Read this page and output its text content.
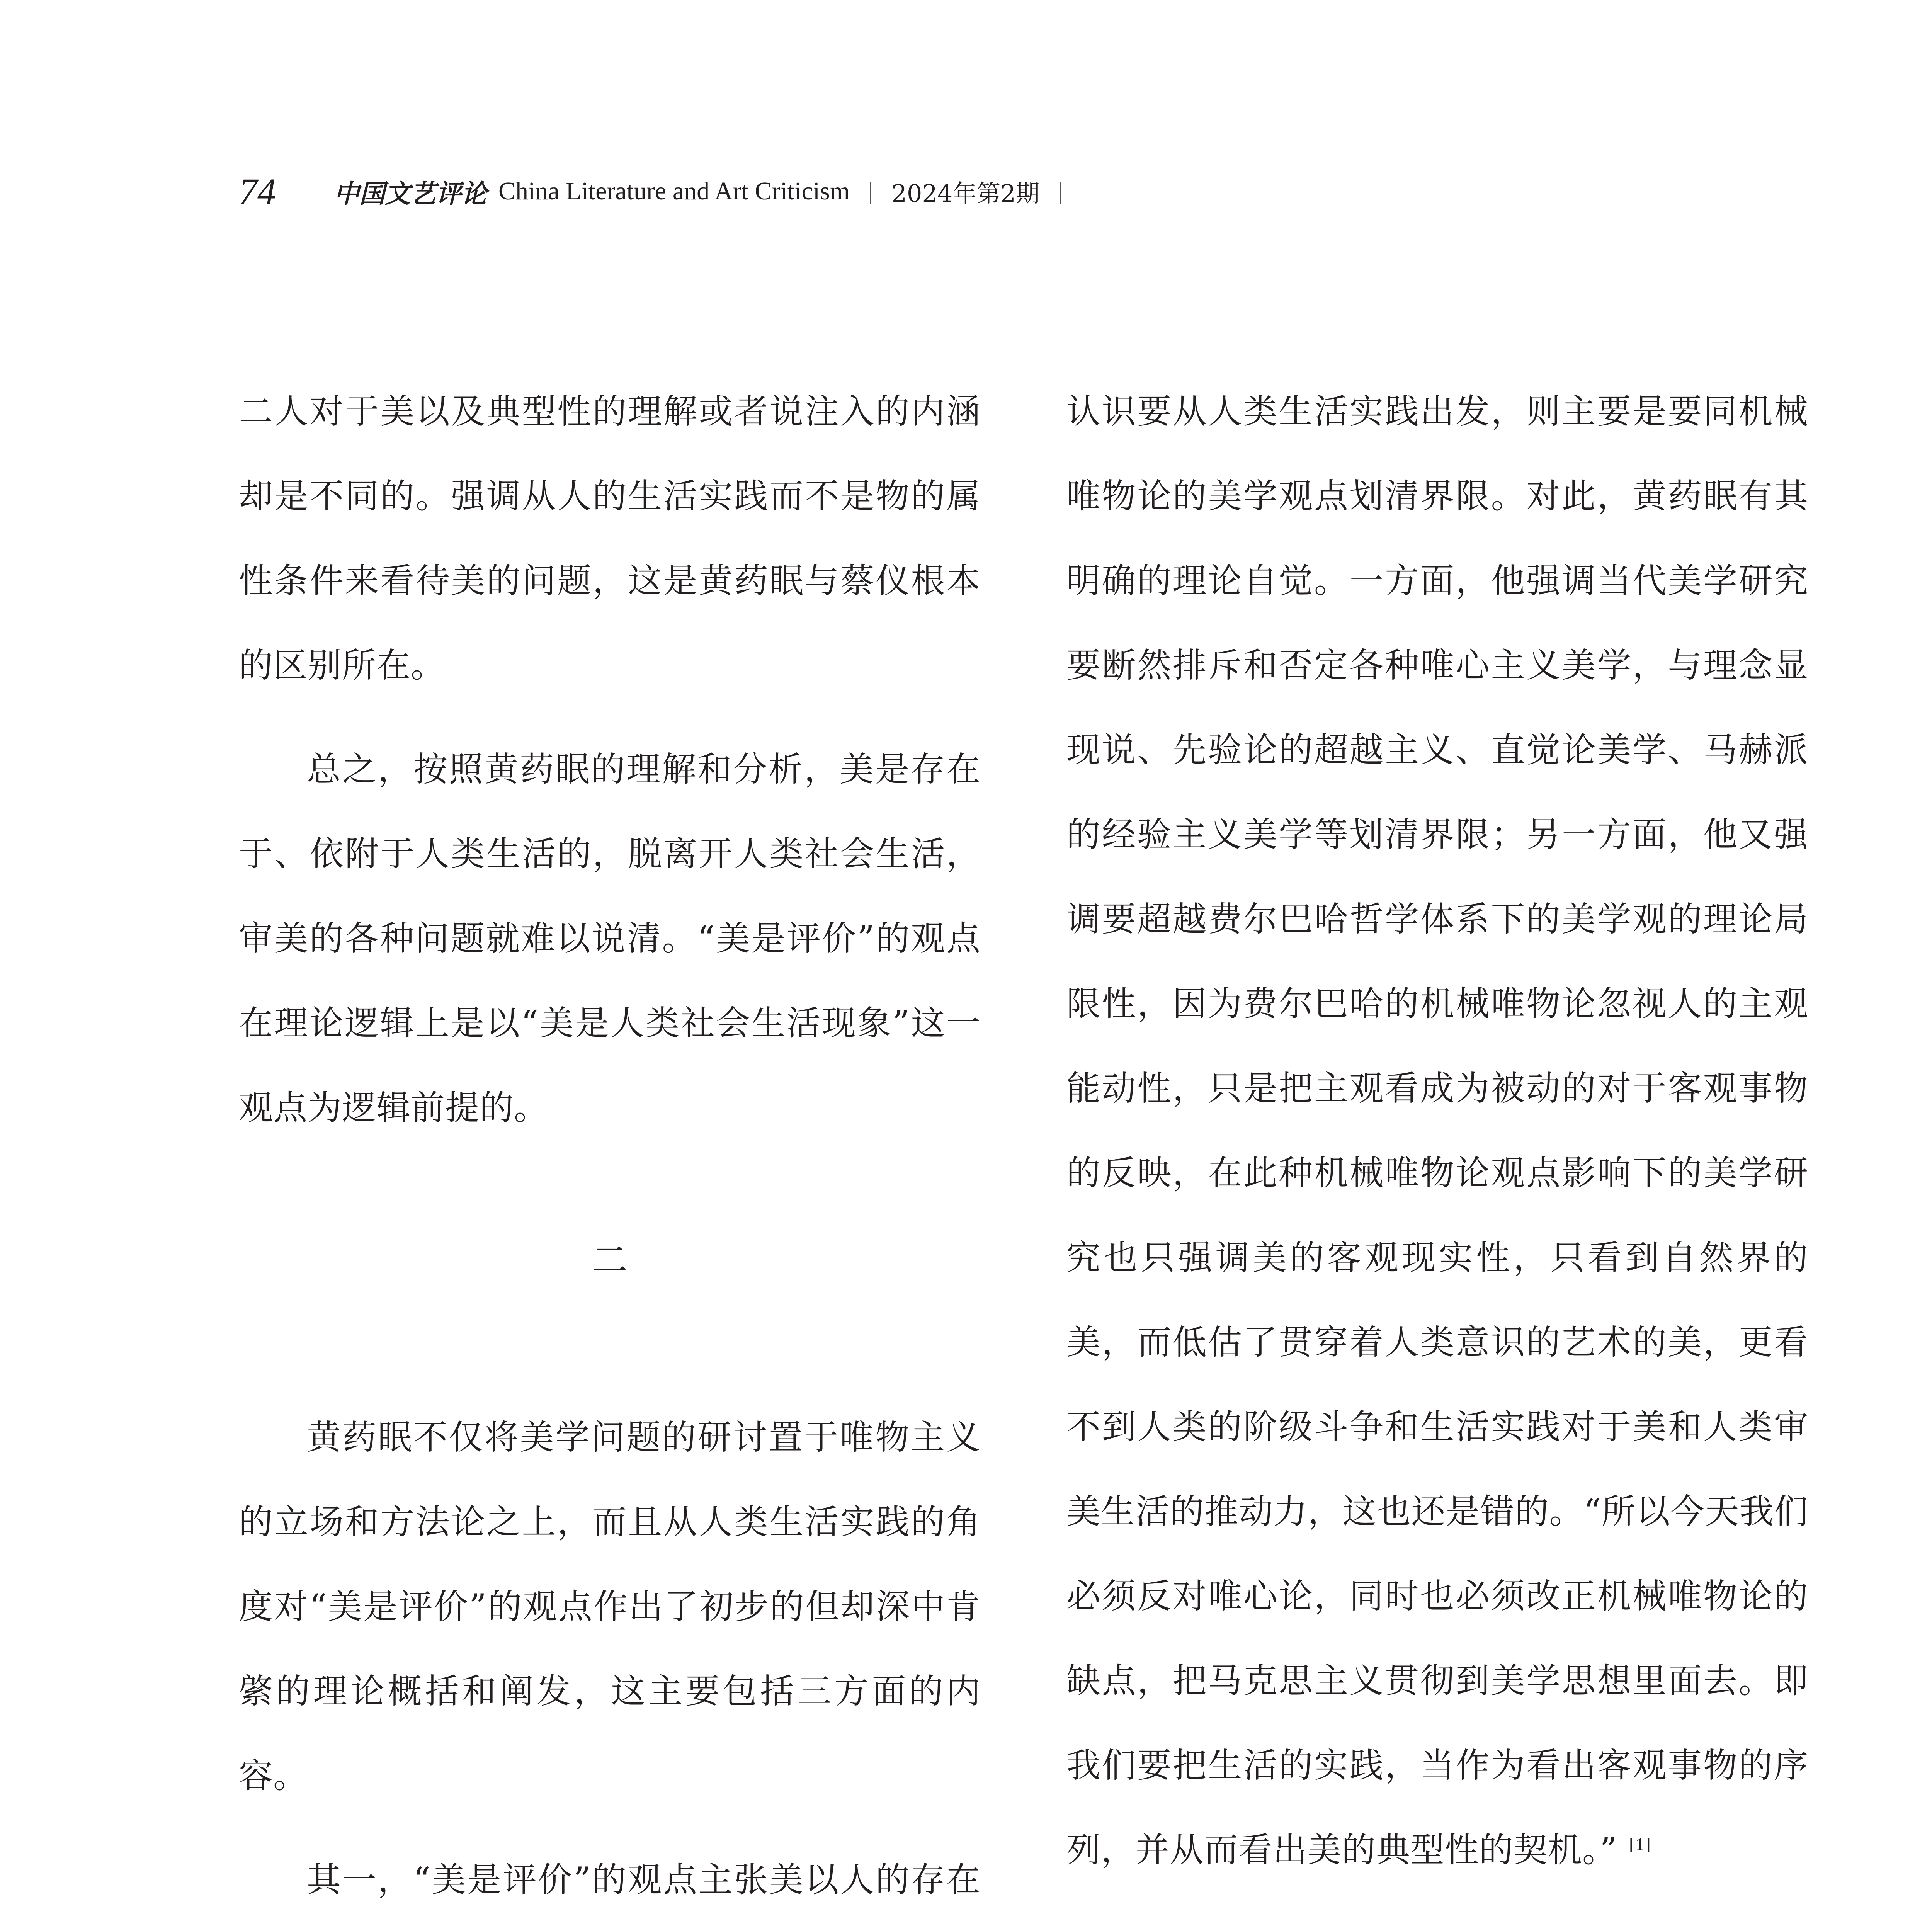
74 中国文艺评论 China Literature and Art Criticism | 2024年第2期 |

二人对于美以及典型性的理解或者说注入的内涵却是不同的。强调从人的生活实践而不是物的属性条件来看待美的问题，这是黄药眠与蔡仪根本的区别所在。

总之，按照黄药眠的理解和分析，美是存在于、依附于人类生活的，脱离开人类社会生活，审美的各种问题就难以说清。“美是评价”的观点在理论逻辑上是以“美是人类社会生活现象”这一观点为逻辑前提的。

二

黄药眠不仅将美学问题的研讨置于唯物主义的立场和方法论之上，而且从人类生活实践的角度对“美是评价”的观点作出了初步的但却深中肯綮的理论概括和阐发，这主要包括三方面的内容。

其一，“美是评价”的观点主张美以人的存在

认识要从人类生活实践出发，则主要是要同机械唯物论的美学观点划清界限。对此，黄药眠有其明确的理论自觉。一方面，他强调当代美学研究要断然排斥和否定各种唯心主义美学，与理念显现说、先验论的超越主义、直觉论美学、马赫派的经验主义美学等划清界限；另一方面，他又强调要超越费尔巴哈哲学体系下的美学观的理论局限性，因为费尔巴哈的机械唯物论忽视人的主观能动性，只是把主观看成为被动的对于客观事物的反映，在此种机械唯物论观点影响下的美学研究也只强调美的客观现实性，只看到自然界的美，而低估了贯穿着人类意识的艺术的美，更看不到人类的阶级斗争和生活实践对于美和人类审美生活的推动力，这也还是错的。“所以今天我们必须反对唯心论，同时也必须改正机械唯物论的缺点，把马克思主义贯彻到美学思想里面去。即我们要把生活的实践，当作为看出客观事物的序列，并从而看出美的典型性的契机。” [1]
